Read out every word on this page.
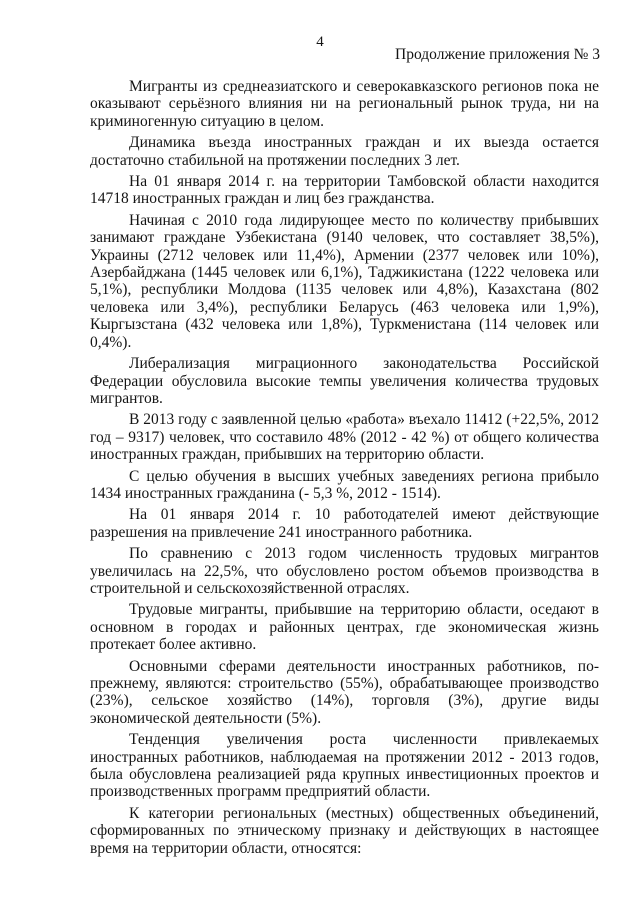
4
Продолжение приложения № 3

Мигранты из среднеазиатского и северокавказского регионов пока не оказывают серьёзного влияния ни на региональный рынок труда, ни на криминогенную ситуацию в целом.

Динамика въезда иностранных граждан и их выезда остается достаточно стабильной на протяжении последних 3 лет.

На 01 января 2014 г. на территории Тамбовской области находится 14718 иностранных граждан и лиц без гражданства.

Начиная с 2010 года лидирующее место по количеству прибывших занимают граждане Узбекистана (9140 человек, что составляет 38,5%), Украины (2712 человек или 11,4%), Армении (2377 человек или 10%), Азербайджана (1445 человек или 6,1%), Таджикистана (1222 человека или 5,1%), республики Молдова (1135 человек или 4,8%), Казахстана (802 человека или 3,4%), республики Беларусь (463 человека или 1,9%), Кыргызстана (432 человека или 1,8%), Туркменистана (114 человек или 0,4%).

Либерализация миграционного законодательства Российской Федерации обусловила высокие темпы увеличения количества трудовых мигрантов.

В 2013 году с заявленной целью «работа» въехало 11412 (+22,5%, 2012 год – 9317) человек, что составило 48% (2012 - 42 %) от общего количества иностранных граждан, прибывших на территорию области.

С целью обучения в высших учебных заведениях региона прибыло 1434 иностранных гражданина (- 5,3 %, 2012 - 1514).

На 01 января 2014 г. 10 работодателей имеют действующие разрешения на привлечение 241 иностранного работника.

По сравнению с 2013 годом численность трудовых мигрантов увеличилась на 22,5%, что обусловлено ростом объемов производства в строительной и сельскохозяйственной отраслях.

Трудовые мигранты, прибывшие на территорию области, оседают в основном в городах и районных центрах, где экономическая жизнь протекает более активно.

Основными сферами деятельности иностранных работников, по-прежнему, являются: строительство (55%), обрабатывающее производство (23%), сельское хозяйство (14%), торговля (3%), другие виды экономической деятельности (5%).

Тенденция увеличения роста численности привлекаемых иностранных работников, наблюдаемая на протяжении 2012 - 2013 годов, была обусловлена реализацией ряда крупных инвестиционных проектов и производственных программ предприятий области.

К категории региональных (местных) общественных объединений, сформированных по этническому признаку и действующих в настоящее время на территории области, относятся:
